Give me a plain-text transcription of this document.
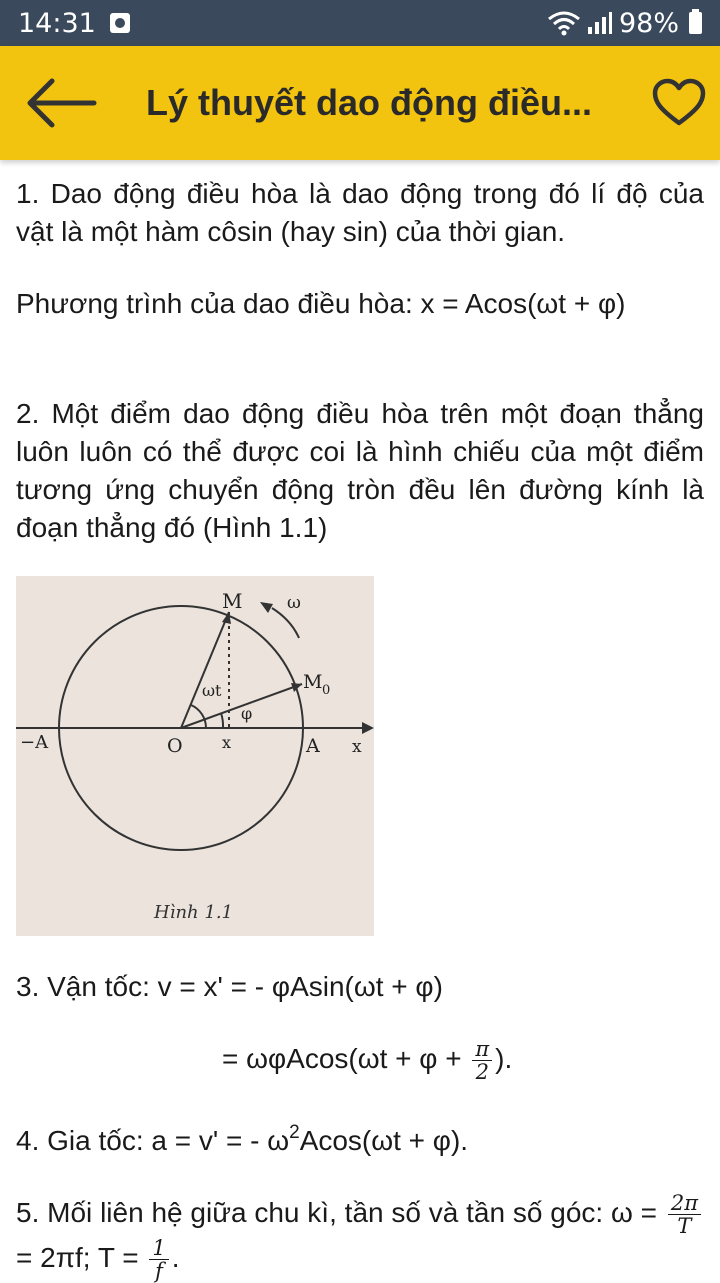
14:31	98%
Lý thuyết dao động điều...

1. Dao động điều hòa là dao động trong đó lí độ của vật là một hàm côsin (hay sin) của thời gian.

Phương trình của dao điều hòa: x = Acos(ωt + φ)

2. Một điểm dao động điều hòa trên một đoạn thẳng luôn luôn có thể được coi là hình chiếu của một điểm tương ứng chuyển động tròn đều lên đường kính là đoạn thẳng đó (Hình 1.1)

M	ω
M 0
ωt
φ
−A	O x	A x
Hình 1.1
3. Vận tốc: v = x' = - φAsin(ωt + φ)
= $\omega\varphi Acos(\omega t + \varphi + \frac{\pi}{2}$ ).
4. Gia tốc: a = v' = - $\omega^2Acos(\omega t + \varphi)$.

5. Mối liên hệ giữa chu kì, tần số và tần số góc: $\omega = \frac{2\pi}{T}$
= 2πf; $T = \frac{1}{f}$ .
